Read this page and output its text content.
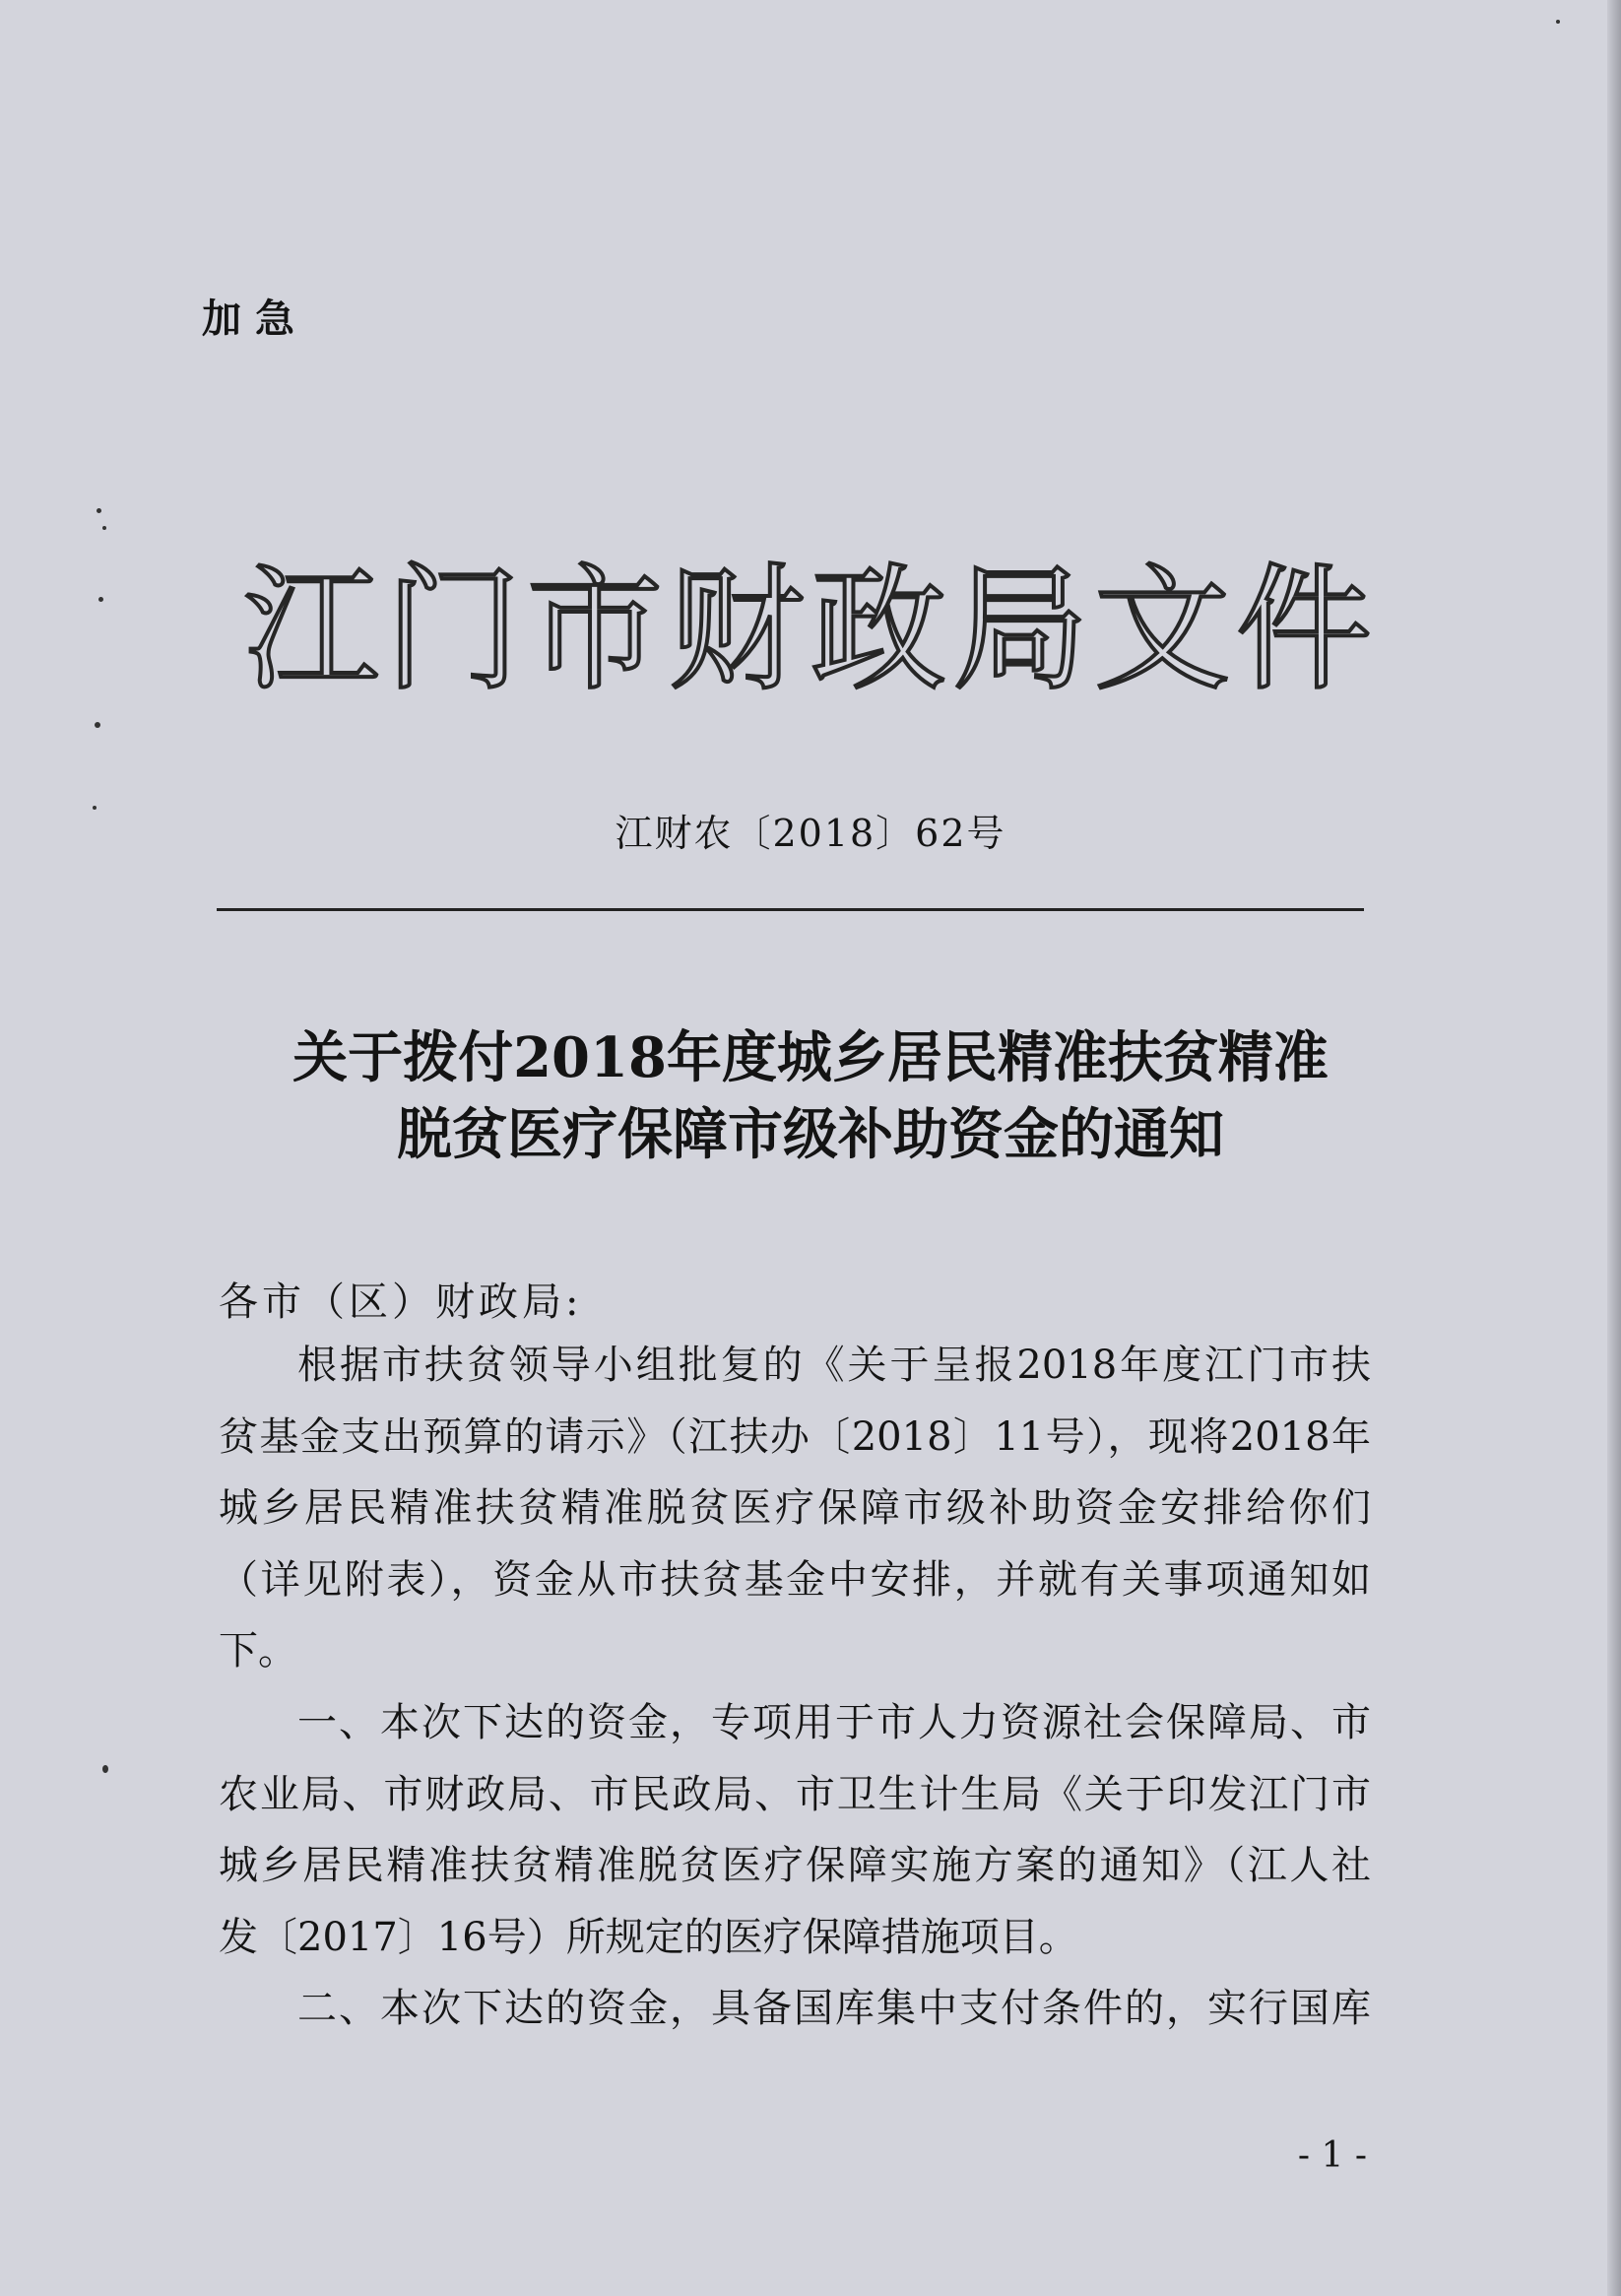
加急
江门市财政局文件
江财农〔2018〕62号
关于拨付2018年度城乡居民精准扶贫精准
脱贫医疗保障市级补助资金的通知
各市（区）财政局:
根据市扶贫领导小组批复的《关于呈报2018年度江门市扶
贫基金支出预算的请示》（江扶办〔2018〕11号），现将2018年
城乡居民精准扶贫精准脱贫医疗保障市级补助资金安排给你们
（详见附表），资金从市扶贫基金中安排，并就有关事项通知如
下。
一、本次下达的资金，专项用于市人力资源社会保障局、市
农业局、市财政局、市民政局、市卫生计生局《关于印发江门市
城乡居民精准扶贫精准脱贫医疗保障实施方案的通知》（江人社
发〔2017〕16号）所规定的医疗保障措施项目。
二、本次下达的资金，具备国库集中支付条件的，实行国库
- 1 -
